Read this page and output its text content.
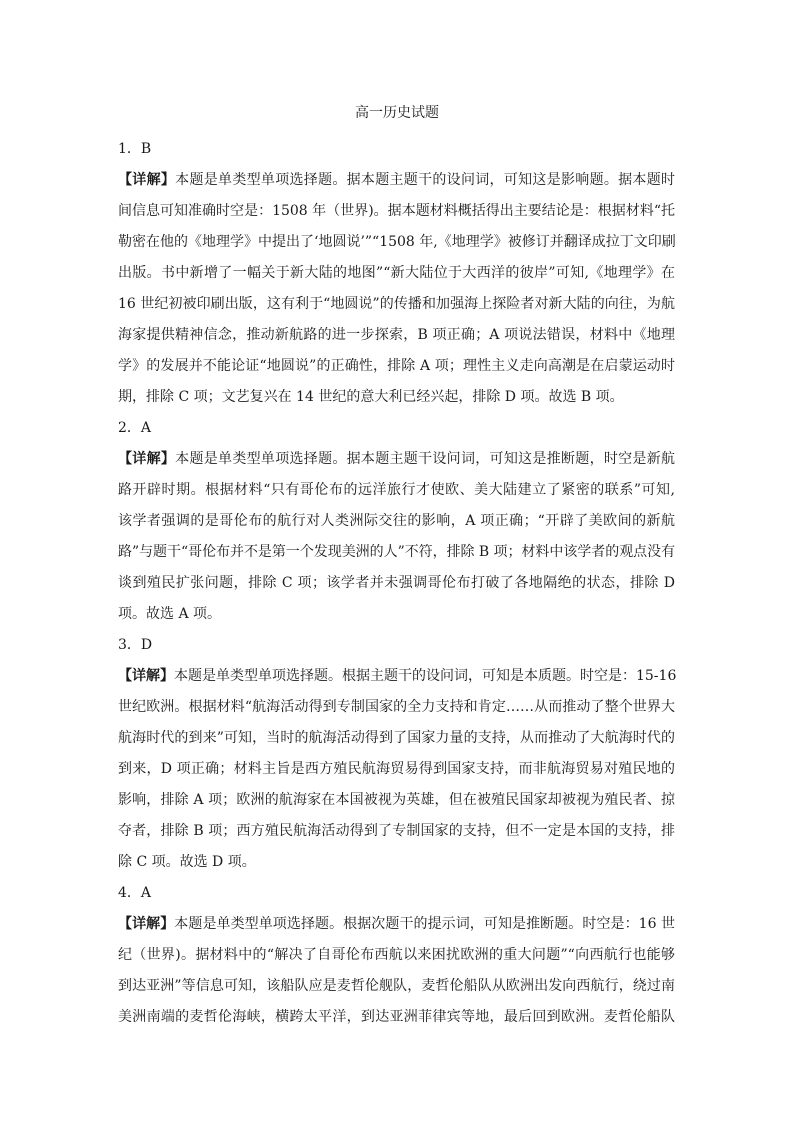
高一历史试题
1．B
【详解】本题是单类型单项选择题。据本题主题干的设问词，可知这是影响题。据本题时
间信息可知准确时空是：1508 年（世界)。据本题材料概括得出主要结论是：根据材料“托
勒密在他的《地理学》中提出了‘地圆说’”“1508 年,《地理学》被修订并翻译成拉丁文印刷
出版。书中新增了一幅关于新大陆的地图”“新大陆位于大西洋的彼岸”可知,《地理学》在
16 世纪初被印刷出版，这有利于“地圆说”的传播和加强海上探险者对新大陆的向往，为航
海家提供精神信念，推动新航路的进一步探索，B 项正确；A 项说法错误，材料中《地理
学》的发展并不能论证“地圆说”的正确性，排除 A 项；理性主义走向高潮是在启蒙运动时
期，排除 C 项；文艺复兴在 14 世纪的意大利已经兴起，排除 D 项。故选 B 项。
2．A
【详解】本题是单类型单项选择题。据本题主题干设问词，可知这是推断题，时空是新航
路开辟时期。根据材料“只有哥伦布的远洋旅行才使欧、美大陆建立了紧密的联系”可知,
该学者强调的是哥伦布的航行对人类洲际交往的影响，A 项正确；“开辟了美欧间的新航
路”与题干“哥伦布并不是第一个发现美洲的人”不符，排除 B 项；材料中该学者的观点没有
谈到殖民扩张问题，排除 C 项；该学者并未强调哥伦布打破了各地隔绝的状态，排除 D
项。故选 A 项。
3．D
【详解】本题是单类型单项选择题。根据主题干的设问词，可知是本质题。时空是：15-16
世纪欧洲。根据材料“航海活动得到专制国家的全力支持和肯定……从而推动了整个世界大
航海时代的到来”可知，当时的航海活动得到了国家力量的支持，从而推动了大航海时代的
到来，D 项正确；材料主旨是西方殖民航海贸易得到国家支持，而非航海贸易对殖民地的
影响，排除 A 项；欧洲的航海家在本国被视为英雄，但在被殖民国家却被视为殖民者、掠
夺者，排除 B 项；西方殖民航海活动得到了专制国家的支持，但不一定是本国的支持，排
除 C 项。故选 D 项。
4．A
【详解】本题是单类型单项选择题。根据次题干的提示词，可知是推断题。时空是：16 世
纪（世界)。据材料中的“解决了自哥伦布西航以来困扰欧洲的重大问题”“向西航行也能够
到达亚洲”等信息可知，该船队应是麦哲伦舰队，麦哲伦船队从欧洲出发向西航行，绕过南
美洲南端的麦哲伦海峡，横跨太平洋，到达亚洲菲律宾等地，最后回到欧洲。麦哲伦船队
